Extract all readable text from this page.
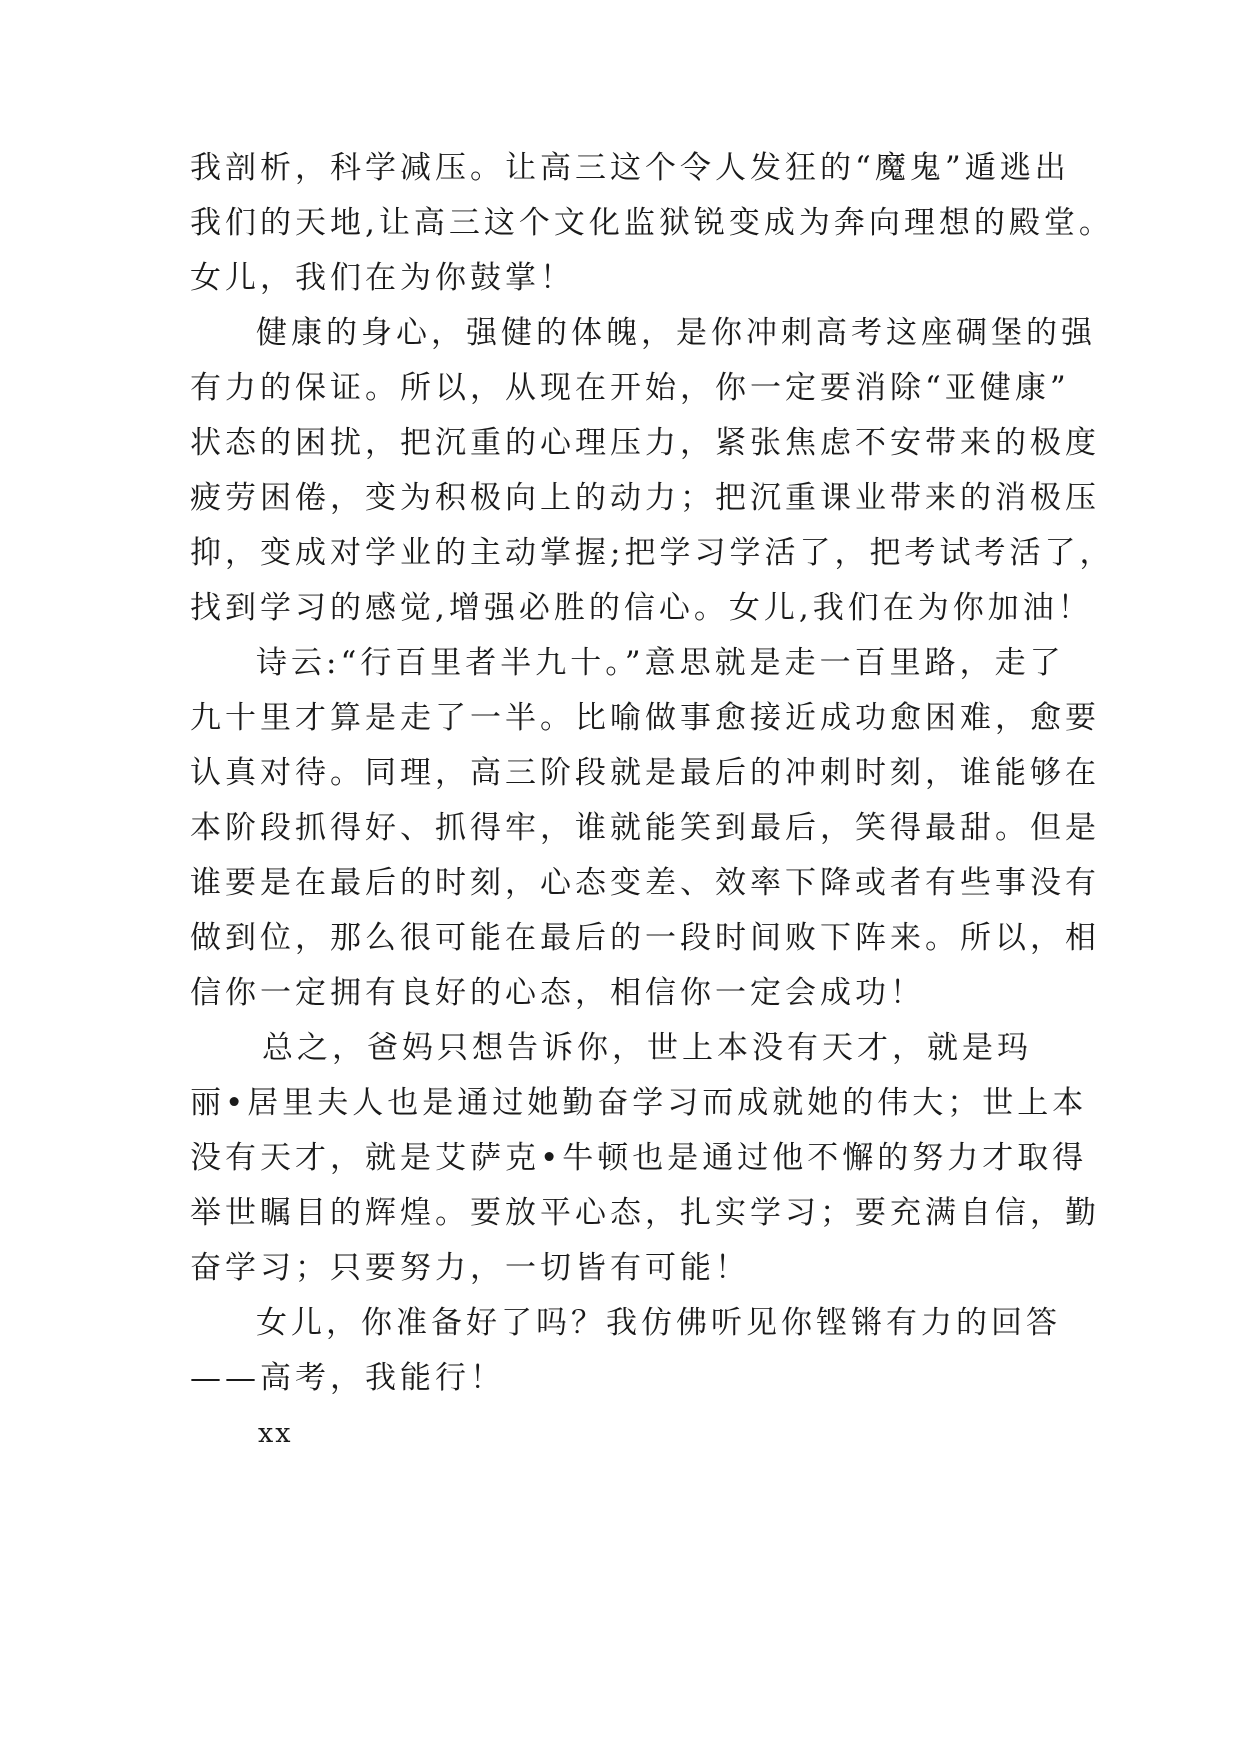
我剖析，科学减压。让高三这个令人发狂的“魔鬼”遁逃出
我们的天地,让高三这个文化监狱锐变成为奔向理想的殿堂。
女儿，我们在为你鼓掌！
健康的身心，强健的体魄，是你冲刺高考这座碉堡的强
有力的保证。所以，从现在开始，你一定要消除“亚健康”
状态的困扰，把沉重的心理压力，紧张焦虑不安带来的极度
疲劳困倦，变为积极向上的动力；把沉重课业带来的消极压
抑，变成对学业的主动掌握;把学习学活了，把考试考活了，
找到学习的感觉,增强必胜的信心。女儿,我们在为你加油！
诗云:“行百里者半九十。”意思就是走一百里路，走了
九十里才算是走了一半。比喻做事愈接近成功愈困难，愈要
认真对待。同理，高三阶段就是最后的冲刺时刻，谁能够在
本阶段抓得好、抓得牢，谁就能笑到最后，笑得最甜。但是
谁要是在最后的时刻，心态变差、效率下降或者有些事没有
做到位，那么很可能在最后的一段时间败下阵来。所以，相
信你一定拥有良好的心态，相信你一定会成功！
总之，爸妈只想告诉你，世上本没有天才，就是玛
丽•居里夫人也是通过她勤奋学习而成就她的伟大；世上本
没有天才，就是艾萨克•牛顿也是通过他不懈的努力才取得
举世瞩目的辉煌。要放平心态，扎实学习；要充满自信，勤
奋学习；只要努力，一切皆有可能！
女儿，你准备好了吗？我仿佛听见你铿锵有力的回答
——高考，我能行！
xx
